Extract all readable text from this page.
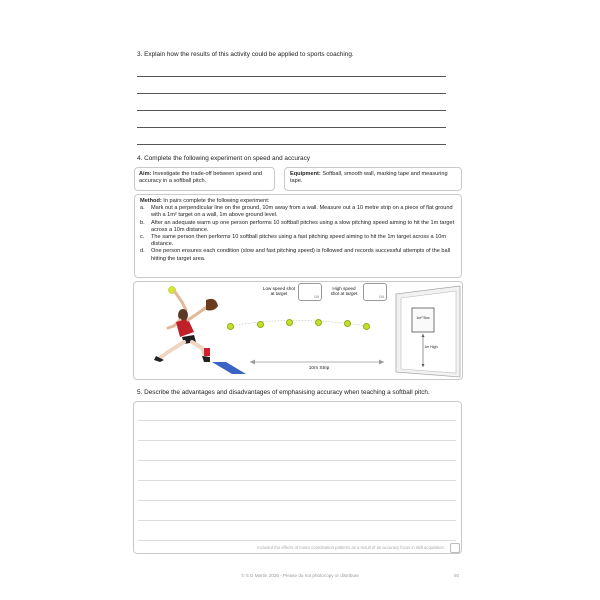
3. Explain how the results of this activity could be applied to sports coaching.
4. Complete the following experiment on speed and accuracy
Aim: Investigate the trade-off between speed and accuracy in a softball pitch.
Equipment: Softball, smooth wall, marking tape and measuring tape.
Method: In pairs complete the following experiment:
a. Mark out a perpendicular line on the ground, 10m away from a wall. Measure out a 10 metre strip on a piece of flat ground with a 1m² target on a wall, 1m above ground level.
b. After an adequate warm up one person performs 10 softball pitches using a slow pitching speed aiming to hit the 1m target across a 10m distance.
c. The same person then performs 10 softball pitches using a fast pitching speed aiming to hit the 1m target across a 10m distance.
d. One person ensures each condition (slow and fast pitching speed) is followed and records successful attempts of the ball hitting the target area.
Low speed shot at target
/10
High speed shot at target
/10
10m Strip
1m² Box
1m High
5. Describe the advantages and disadvantages of emphasising accuracy when teaching a softball pitch.
Included the effects of motor coordination patterns as a result of an accuracy focus in skill acquisition.
© S D Martin 2026 - Please do not photocopy or distribute	50
